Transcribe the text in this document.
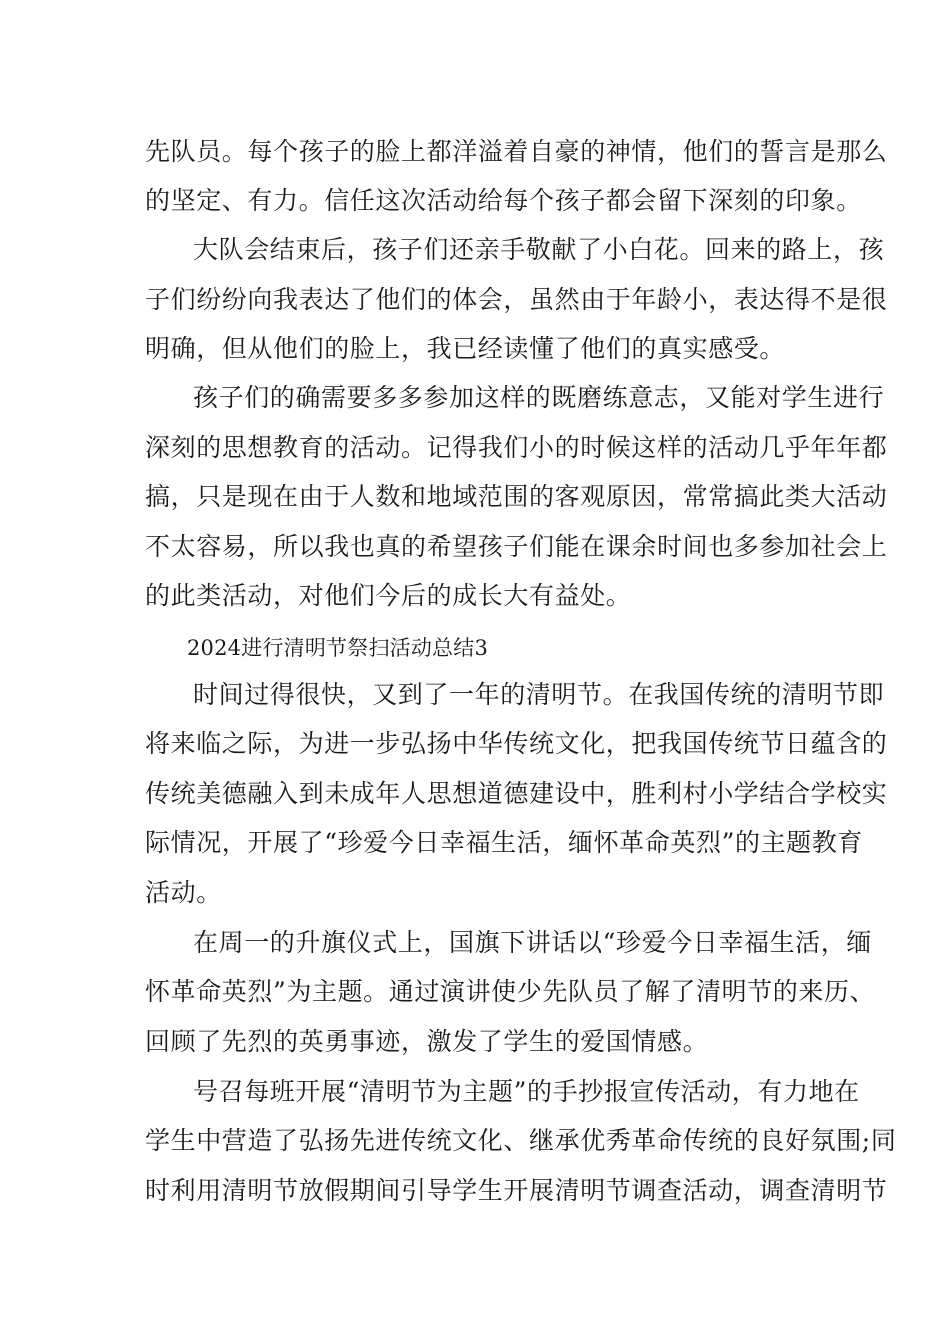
先队员。每个孩子的脸上都洋溢着自豪的神情，他们的誓言是那么
的坚定、有力。信任这次活动给每个孩子都会留下深刻的印象。
大队会结束后，孩子们还亲手敬献了小白花。回来的路上，孩
子们纷纷向我表达了他们的体会，虽然由于年龄小，表达得不是很
明确，但从他们的脸上，我已经读懂了他们的真实感受。
孩子们的确需要多多参加这样的既磨练意志，又能对学生进行
深刻的思想教育的活动。记得我们小的时候这样的活动几乎年年都
搞，只是现在由于人数和地域范围的客观原因，常常搞此类大活动
不太容易，所以我也真的希望孩子们能在课余时间也多参加社会上
的此类活动，对他们今后的成长大有益处。
2024进行清明节祭扫活动总结3
时间过得很快，又到了一年的清明节。在我国传统的清明节即
将来临之际，为进一步弘扬中华传统文化，把我国传统节日蕴含的
传统美德融入到未成年人思想道德建设中，胜利村小学结合学校实
际情况，开展了“珍爱今日幸福生活，缅怀革命英烈”的主题教育
活动。
在周一的升旗仪式上，国旗下讲话以“珍爱今日幸福生活，缅
怀革命英烈”为主题。通过演讲使少先队员了解了清明节的来历、
回顾了先烈的英勇事迹，激发了学生的爱国情感。
号召每班开展“清明节为主题”的手抄报宣传活动，有力地在
学生中营造了弘扬先进传统文化、继承优秀革命传统的良好氛围;同
时利用清明节放假期间引导学生开展清明节调查活动，调查清明节
